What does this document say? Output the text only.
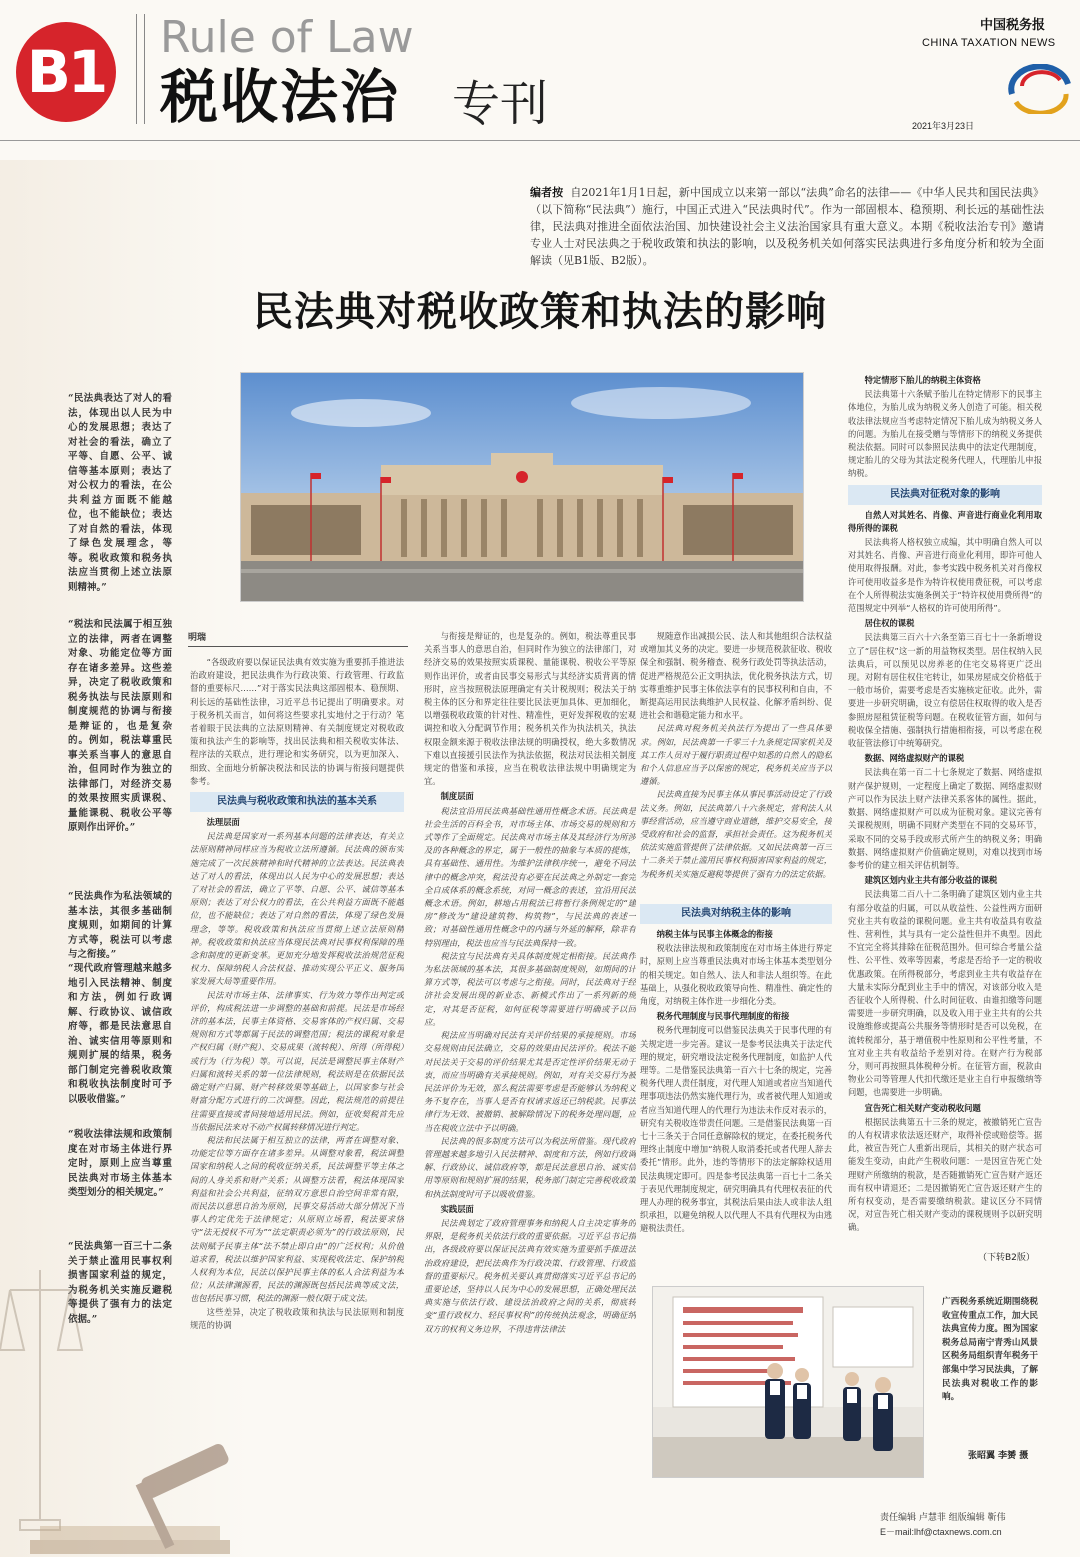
B1
Rule of Law
税收法治 专刊
中国税务报
CHINA TAXATION NEWS
2021年3月23日
编者按 自2021年1月1日起，新中国成立以来第一部以“法典”命名的法律——《中华人民共和国民法典》（以下简称“民法典”）施行，中国正式进入“民法典时代”。作为一部固根本、稳预期、利长远的基础性法律，民法典对推进全面依法治国、加快建设社会主义法治国家具有重大意义。本期《税收法治专刊》邀请专业人士对民法典之于税收政策和执法的影响，以及税务机关如何落实民法典进行多角度分析和较为全面解读（见B1版、B2版）。
民法典对税收政策和执法的影响
“民法典表达了对人的看法，体现出以人民为中心的发展思想；表达了对社会的看法，确立了平等、自愿、公平、诚信等基本原则；表达了对公权力的看法，在公共利益方面既不能越位，也不能缺位；表达了对自然的看法，体现了绿色发展理念，等等。税收政策和税务执法应当贯彻上述立法原则精神。”
“税法和民法属于相互独立的法律，两者在调整对象、功能定位等方面存在诸多差异。这些差异，决定了税收政策和税务执法与民法原则和制度规范的协调与衔接是辩证的，也是复杂的。例如，税法尊重民事关系当事人的意思自治，但同时作为独立的法律部门，对经济交易的效果按照实质课税、量能课税、税收公平等原则作出评价。”
“民法典作为私法领域的基本法，其很多基础制度规则，如期间的计算方式等，税法可以考虑与之衔接。”
“现代政府管理越来越多地引入民法精神、制度和方法，例如行政调解、行政协议、诚信政府等，都是民法意思自治、诚实信用等原则和规则扩展的结果，税务部门制定完善税收政策和税收执法制度时可予以吸收借鉴。”
“税收法律法规和政策制度在对市场主体进行界定时，原则上应当尊重民法典对市场主体基本类型划分的相关规定。”
“民法典第一百三十二条关于禁止滥用民事权利损害国家利益的规定，为税务机关实施反避税等提供了强有力的法定依据。”
明瑞

“各级政府要以保证民法典有效实施为重要抓手推进法治政府建设，把民法典作为行政决策、行政管理、行政监督的重要标尺……”对于落实民法典这部固根本、稳预期、利长远的基础性法律，习近平总书记提出了明确要求。对于税务机关而言，如何将这些要求扎实地付之于行动？笔者着眼于民法典的立法原则精神、有关制度规定对税收政策和执法产生的影响等，找出民法典和相关税收实体法、程序法的关联点，进行理论和实务研究，以为更加深入、细致、全面地分析解决税法和民法的协调与衔接问题提供参考。

民法典与税收政策和执法的基本关系
法理层面

民法典是国家对一系列基本问题的法律表达，有关立法原则精神同样应当为税收立法所遵循。民法典的颁布实施完成了一次民族精神和时代精神的立法表达。民法典表达了对人的看法，体现出以人民为中心的发展思想；表达了对社会的看法，确立了平等、自愿、公平、诚信等基本原则；表达了对公权力的看法，在公共利益方面既不能越位，也不能缺位；表达了对自然的看法，体现了绿色发展理念，等等。税收政策和执法应当贯彻上述立法原则精神。税收政策和执法应当体现民法典对民事权利保障的理念和制度的更新变革。更加充分地发挥税收法治规范征税权力、保障纳税人合法权益、推动实现公平正义、服务国家发展大局等重要作用。

民法对市场主体、法律事实、行为效力等作出判定或评价，构成税法进一步调整的基础和前提。民法是市场经济的基本法，民事主体资格、交易客体的产权归属、交易规则和方式等都属于民法的调整范围；税法的课税对象是产权归属（财产税）、交易成果（流转税）、所得（所得税）或行为（行为税）等。可以说，民法是调整民事主体财产归属和流转关系的第一位法律规则，税法则是在依据民法确定财产归属、财产转移效果等基础上，以国家参与社会财富分配方式进行的二次调整。因此，税法规范的前提往往需要直接或者间接地适用民法。例如，征收契税首先应当依据民法来对不动产权属转移情况进行判定。

税法和民法属于相互独立的法律，两者在调整对象、功能定位等方面存在诸多差异。从调整对象看，税法调整国家和纳税人之间的税收征纳关系，民法调整平等主体之间的人身关系和财产关系；从调整方法看，税法体现国家利益和社会公共利益，征纳双方意思自治空间非常有限，而民法以意思自治为原则，民事交易活动大部分情况下当事人约定优先于法律规定；从原则立场看，税法要求恪守“法无授权不可为”“法定职责必须为”的行政法原则，民法则赋予民事主体“法不禁止即自由”的广泛权利；从价值追求看，税法以维护国家利益、实现税收法定、保护纳税人权利为本位，民法以保护民事主体的私人合法利益为本位；从法律渊源看，民法的渊源既包括民法典等成文法，也包括民事习惯，税法的渊源一般仅限于成文法。

这些差异，决定了税收政策和执法与民法原则和制度规范的协调

与衔接是辩证的，也是复杂的。例如，税法尊重民事关系当事人的意思自治，但同时作为独立的法律部门，对经济交易的效果按照实质课税、量能课税、税收公平等原则作出评价，或者由民事交易形式与其经济实质背离的情形时，应当按照税法原理确定有关计税规则；税法关于纳税主体的区分和界定往往要比民法更加具体、更加细化，以增强税收政策的针对性、精准性，更好发挥税收的宏观调控和收入分配调节作用；税务机关作为执法机关，执法权限金额来源于税收法律法规的明确授权，绝大多数情况下难以直接援引民法作为执法依据，税法对民法相关制度规定的借鉴和承接，应当在税收法律法规中明确规定为宜。

制度层面

税法宜沿用民法典基础性通用性概念术语。民法典是社会生活的百科全书，对市场主体、市场交易的规则和方式等作了全面规定。民法典对市场主体及其经济行为所涉及的各种概念的界定，属于一般性的抽象与本质的提炼，具有基础性、通用性。为维护法律秩序统一，避免不同法律中的概念冲突，税法没有必要在民法典之外制定一套完全自成体系的概念系统，对同一概念的表述，宜沿用民法概念术语。例如，耕地占用税法已将暂行条例规定的“建房”修改为“建设建筑物、构筑物”，与民法典的表述一致；对基础性通用性概念中的内涵与外延的解释，除非有特别理由，税法也应当与民法典保持一致。

税法宜与民法典有关具体制度规定相衔接。民法典作为私法领域的基本法，其很多基础制度规则，如期间的计算方式等，税法可以考虑与之衔接。同时，民法典对于经济社会发展出现的新业态、新模式作出了一系列新的规定，对其是否征税，如何征税等需要进行明确或予以回应。

税法应当明确对民法有关评价结果的承接规则。市场交易规则由民法确立，交易的效果由民法评价。税法不能对民法关于交易的评价结果尤其是否定性评价结果无动于衷，而应当明确有关承接规则。例如，对有关交易行为被民法评价为无效，那么税法需要考虑是否能够认为纳税义务不复存在，当事人是否有权请求返还已纳税款。民事法律行为无效、被撤销、被解除情况下的税务处理问题，应当在税收立法中予以明确。

民法典的很多制度方法可以为税法所借鉴。现代政府管理越来越多地引入民法精神、制度和方法，例如行政调解、行政协议、诚信政府等，都是民法意思自治、诚实信用等原则和规则扩展的结果，税务部门制定完善税收政策和执法制度时可予以吸收借鉴。

实践层面

民法典划定了政府管理事务和纳税人自主决定事务的界限，是税务机关依法行政的重要依据。习近平总书记指出，各级政府要以保证民法典有效实施为重要抓手推进法治政府建设，把民法典作为行政决策、行政管理、行政监督的重要标尺。税务机关要认真贯彻落实习近平总书记的重要论述，坚持以人民为中心的发展思想，正确处理民法典实施与依法行政、建设法治政府之间的关系，彻底转变“重行政权力、轻民事权利”的传统执法观念，明确征纳双方的权利义务边界，不得违背法律法

规随意作出减损公民、法人和其他组织合法权益或增加其义务的决定。要进一步规范税款征收、税收保全和强制、税务稽查、税务行政处罚等执法活动，促进严格规范公正文明执法，优化税务执法方式，切实尊重维护民事主体依法享有的民事权利和自由，不断提高运用民法典维护人民权益、化解矛盾纠纷、促进社会和谐稳定能力和水平。

民法典对税务机关执法行为提出了一些具体要求。例如，民法典第一千零三十九条规定国家机关及其工作人员对于履行职责过程中知悉的自然人的隐私和个人信息应当予以保密的规定，税务机关应当予以遵循。

民法典直接为民事主体从事民事活动设定了行政法义务。例如，民法典第八十六条规定，营利法人从事经营活动，应当遵守商业道德，维护交易安全，接受政府和社会的监督，承担社会责任。这为税务机关依法实施监管提供了法律依据。又如民法典第一百三十二条关于禁止滥用民事权利损害国家利益的规定，为税务机关实施反避税等提供了强有力的法定依据。

民法典对纳税主体的影响
纳税主体与民事主体概念的衔接

税收法律法规和政策制度在对市场主体进行界定时，原则上应当尊重民法典对市场主体基本类型划分的相关规定。如自然人、法人和非法人组织等。在此基础上，从强化税收政策导向性、精准性、确定性的角度，对纳税主体作进一步细化分类。

税务代理制度与民事代理制度的衔接

税务代理制度可以借鉴民法典关于民事代理的有关规定进一步完善。建议一是参考民法典关于法定代理的规定，研究增设法定税务代理制度，如监护人代理等。二是借鉴民法典第一百六十七条的规定，完善税务代理人责任制度，对代理人知道或者应当知道代理事项违法仍然实施代理行为，或者被代理人知道或者应当知道代理人的代理行为违法未作反对表示的，研究有关税收连带责任问题。三是借鉴民法典第一百七十三条关于合同任意解除权的规定，在委托税务代理终止制度中增加“纳税人取消委托或者代理人辞去委托”情形。此外，违约等情形下的法定解除权适用民法典规定即可。四是参考民法典第一百七十二条关于表见代理制度规定，研究明确具有代理权表征的代理人办理的税务事宜，其税法后果由法人或非法人组织承担，以避免纳税人以代理人不具有代理权为由逃避税法责任。

特定情形下胎儿的纳税主体资格

民法典第十六条赋予胎儿在特定情形下的民事主体地位，为胎儿成为纳税义务人创造了可能。相关税收法律法规应当考虑特定情况下胎儿成为纳税义务人的问题。为胎儿在接受赠与等情形下的纳税义务提供税法依据。同时可以参照民法典中的法定代理制度，规定胎儿的父母为其法定税务代理人，代理胎儿申报纳税。

民法典对征税对象的影响
自然人对其姓名、肖像、声音进行商业化利用取得所得的课税

民法典将人格权独立成编，其中明确自然人可以对其姓名、肖像、声音进行商业化利用，即许可他人使用取得报酬。对此，参考实践中税务机关对肖像权许可使用收益多是作为特许权使用费征税，可以考虑在个人所得税法实施条例关于“特许权使用费所得”的范围规定中列举“人格权的许可使用所得”。

居住权的课税

民法典第三百六十六条至第三百七十一条新增设立了“居住权”这一新的用益物权类型。居住权纳入民法典后，可以预见以房养老的住宅交易将更广泛出现。对附有居住权住宅转让，如果房屋成交价格低于一般市场价，需要考虑是否实施核定征收。此外，需要进一步研究明确，设立有偿居住权取得的收入是否参照房屋租赁征税等问题。在税收征管方面，如何与税收保全措施、强制执行措施相衔接，可以考虑在税收征管法修订中统筹研究。

数据、网络虚拟财产的课税

民法典在第一百二十七条规定了数据、网络虚拟财产保护规则，一定程度上确定了数据、网络虚拟财产可以作为民法上财产法律关系客体的属性。据此，数据、网络虚拟财产可以成为征税对象。建议完善有关课税规则，明确不同财产类型在不同的交易环节，采取不同的交易手段或形式所产生的纳税义务；明确数据、网络虚拟财产价值确定规则，对难以找到市场参考价的建立相关评估机制等。

建筑区划内业主共有部分收益的课税

民法典第二百八十二条明确了建筑区划内业主共有部分收益的归属，可以从收益性、公益性两方面研究业主共有收益的课税问题。业主共有收益具有收益性、营利性，其与具有一定公益性但并不典型。因此不宜完全将其排除在征税范围外。但可综合考量公益性、公平性、效率等因素，考虑是否给予一定的税收优惠政策。在所得税部分，考虑到业主共有收益存在大量未实际分配到业主手中的情况，对该部分收入是否征收个人所得税、什么时间征收、由谁扣缴等问题需要进一步研究明确，以及收入用于业主共有的公共设施维修或提高公共服务等情形时是否可以免税，在流转税部分，基于增值税中性原则和公平性考量，不宜对业主共有收益给予差别对待。在财产行为税部分，则可再按照具体税种分析。在征管方面，税款由物业公司等管理人代扣代缴还是业主自行申报缴纳等问题，也需要进一步明确。

宣告死亡相关财产变动税收问题

根据民法典第五十三条的规定，被撤销死亡宣告的人有权请求依法返还财产，取得补偿或赔偿等。据此，被宣告死亡人重新出现后，其相关的财产状态可能发生变动，由此产生税收问题：一是因宣告死亡处理财产所缴纳的税款，是否随撤销死亡宣告财产返还而有权申请退还；二是因撤销死亡宣告返还财产生的所有权变动，是否需要缴纳税款。建议区分不同情况，对宣告死亡相关财产变动的课税规则予以研究明确。

（下转B2版）
广西税务系统近期围绕税收宣传重点工作，加大民法典宣传力度。图为国家税务总局南宁青秀山风景区税务局组织青年税务干部集中学习民法典，了解民法典对税收工作的影响。
张昭翼 李赟 摄
责任编辑 卢慧菲 组版编辑 靳伟
E－mail:lhf@ctaxnews.com.cn
